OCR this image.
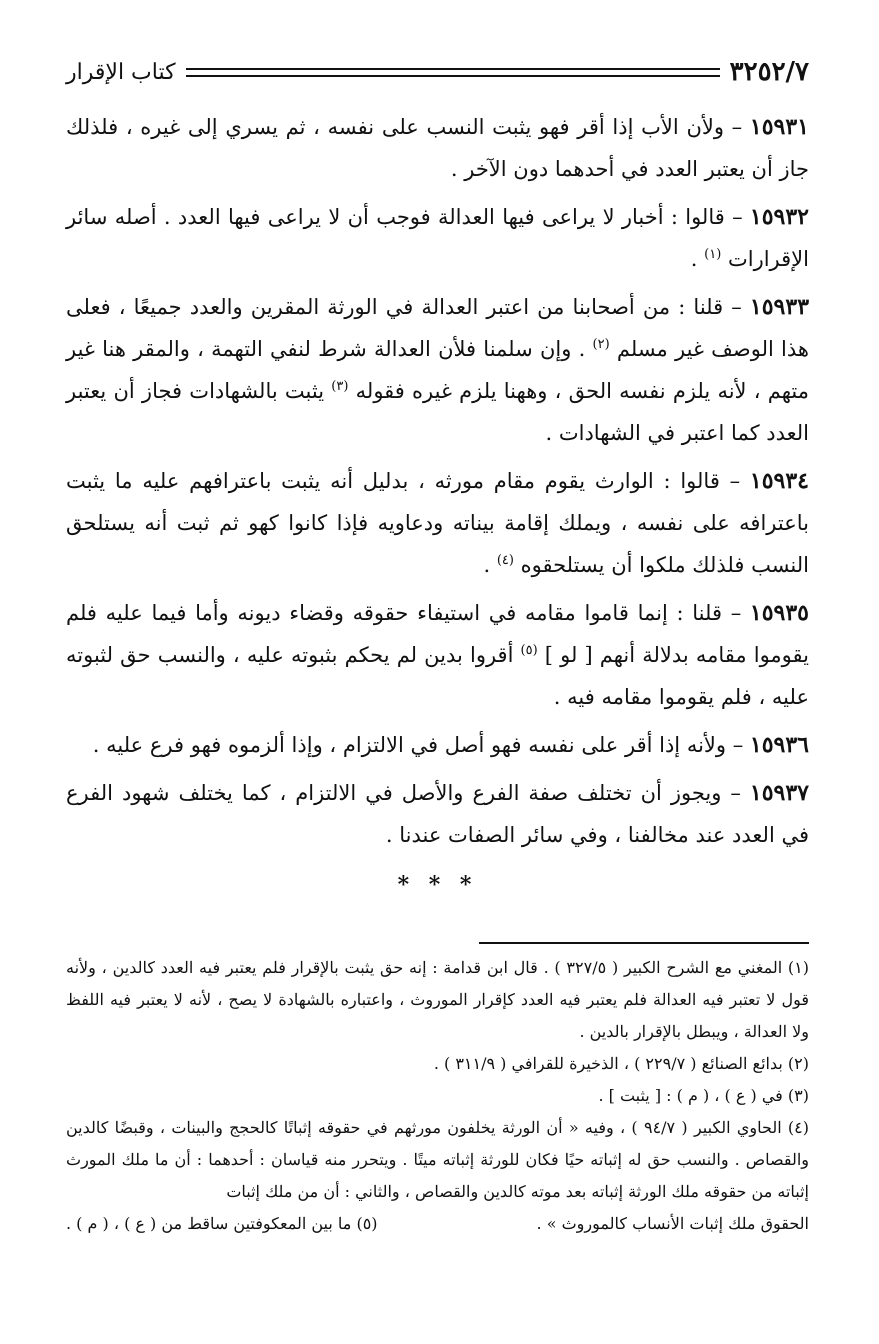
٣٢٥٢/٧
كتاب الإقرار

١٥٩٣١ – ولأن الأب إذا أقر فهو يثبت النسب على نفسه ، ثم يسري إلى غيره ، فلذلك جاز أن يعتبر العدد في أحدهما دون الآخر .

١٥٩٣٢ – قالوا : أخبار لا يراعى فيها العدالة فوجب أن لا يراعى فيها العدد . أصله سائر الإقرارات $^{(١)}$ .

١٥٩٣٣ – قلنا : من أصحابنا من اعتبر العدالة في الورثة المقرين والعدد جميعًا ، فعلى هذا الوصف غير مسلم $^{(٢)}$ . وإن سلمنا فلأن العدالة شرط لنفي التهمة ، والمقر هنا غير متهم ، لأنه يلزم نفسه الحق ، وههنا يلزم غيره فقوله $^{(٣)}$ يثبت بالشهادات فجاز أن يعتبر العدد كما اعتبر في الشهادات .

١٥٩٣٤ – قالوا : الوارث يقوم مقام مورثه ، بدليل أنه يثبت باعترافهم عليه ما يثبت باعترافه على نفسه ، ويملك إقامة بيناته ودعاويه فإذا كانوا كهو ثم ثبت أنه يستلحق النسب فلذلك ملكوا أن يستلحقوه $^{(٤)}$ .

١٥٩٣٥ – قلنا : إنما قاموا مقامه في استيفاء حقوقه وقضاء ديونه وأما فيما عليه فلم يقوموا مقامه بدلالة أنهم [ لو ] $^{(٥)}$ أقروا بدين لم يحكم بثبوته عليه ، والنسب حق لثبوته عليه ، فلم يقوموا مقامه فيه .

١٥٩٣٦ – ولأنه إذا أقر على نفسه فهو أصل في الالتزام ، وإذا ألزموه فهو فرع عليه .

١٥٩٣٧ – ويجوز أن تختلف صفة الفرع والأصل في الالتزام ، كما يختلف شهود الفرع في العدد عند مخالفنا ، وفي سائر الصفات عندنا .

* * *

(١) المغني مع الشرح الكبير ( ٣٢٧/٥ ) . قال ابن قدامة : إنه حق يثبت بالإقرار فلم يعتبر فيه العدد كالدين ، ولأنه قول لا تعتبر فيه العدالة فلم يعتبر فيه العدد كإقرار الموروث ، واعتباره بالشهادة لا يصح ، لأنه لا يعتبر فيه اللفظ ولا العدالة ، ويبطل بالإقرار بالدين .

(٢) بدائع الصنائع ( ٢٢٩/٧ ) ، الذخيرة للقرافي ( ٣١١/٩ ) .

(٣) في ( ع ) ، ( م ) : [ يثبت ] .

(٤) الحاوي الكبير ( ٩٤/٧ ) ، وفيه « أن الورثة يخلفون مورثهم في حقوقه إثباتًا كالحجج والبينات ، وقبضًا كالدين والقصاص . والنسب حق له إثباته حيًا فكان للورثة إثباته ميتًا . ويتحرر منه قياسان : أحدهما : أن ما ملك المورث إثباته من حقوقه ملك الورثة إثباته بعد موته كالدين والقصاص ، والثاني : أن من ملك إثبات

الحقوق ملك إثبات الأنساب كالموروث » .
(٥) ما بين المعكوفتين ساقط من ( ع ) ، ( م ) .
